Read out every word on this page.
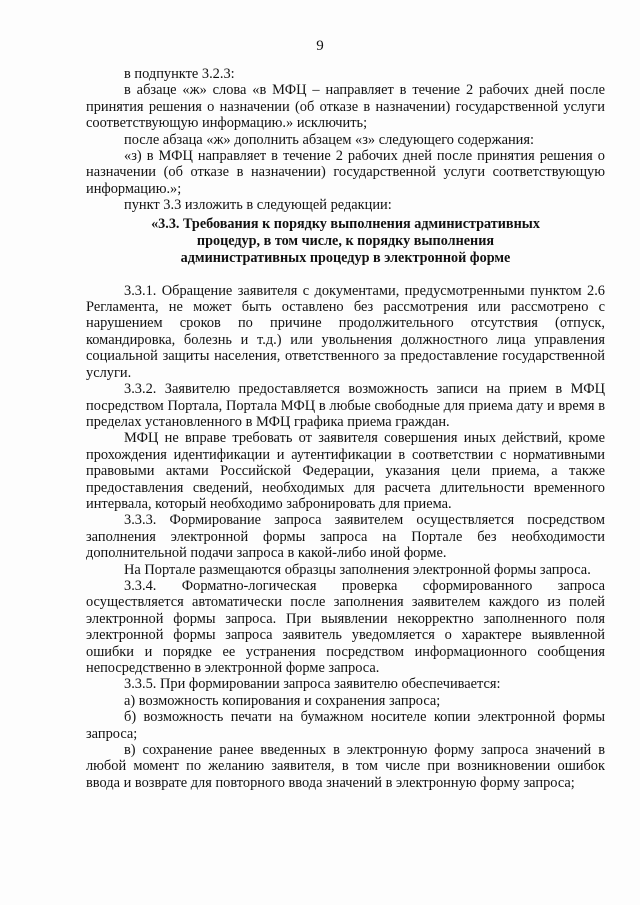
9

в подпункте 3.2.3:

в абзаце «ж» слова «в МФЦ – направляет в течение 2 рабочих дней после принятия решения о назначении (об отказе в назначении) государственной услуги соответствующую информацию.» исключить;

после абзаца «ж» дополнить абзацем «з» следующего содержания:

«з) в МФЦ направляет в течение 2 рабочих дней после принятия решения о назначении (об отказе в назначении) государственной услуги соответствующую информацию.»;

пункт 3.3 изложить в следующей редакции:

«3.3. Требования к порядку выполнения административных
процедур, в том числе, к порядку выполнения
административных процедур в электронной форме

3.3.1. Обращение заявителя с документами, предусмотренными пунктом 2.6 Регламента, не может быть оставлено без рассмотрения или рассмотрено с нарушением сроков по причине продолжительного отсутствия (отпуск, командировка, болезнь и т.д.) или увольнения должностного лица управления социальной защиты населения, ответственного за предоставление государственной услуги.

3.3.2. Заявителю предоставляется возможность записи на прием в МФЦ посредством Портала, Портала МФЦ в любые свободные для приема дату и время в пределах установленного в МФЦ графика приема граждан.

МФЦ не вправе требовать от заявителя совершения иных действий, кроме прохождения идентификации и аутентификации в соответствии с нормативными правовыми актами Российской Федерации, указания цели приема, а также предоставления сведений, необходимых для расчета длительности временного интервала, который необходимо забронировать для приема.

3.3.3. Формирование запроса заявителем осуществляется посредством заполнения электронной формы запроса на Портале без необходимости дополнительной подачи запроса в какой-либо иной форме.

На Портале размещаются образцы заполнения электронной формы запроса.

3.3.4. Форматно-логическая проверка сформированного запроса осуществляется автоматически после заполнения заявителем каждого из полей электронной формы запроса. При выявлении некорректно заполненного поля электронной формы запроса заявитель уведомляется о характере выявленной ошибки и порядке ее устранения посредством информационного сообщения непосредственно в электронной форме запроса.

3.3.5. При формировании запроса заявителю обеспечивается:

а) возможность копирования и сохранения запроса;

б) возможность печати на бумажном носителе копии электронной формы запроса;

в) сохранение ранее введенных в электронную форму запроса значений в любой момент по желанию заявителя, в том числе при возникновении ошибок ввода и возврате для повторного ввода значений в электронную форму запроса;
